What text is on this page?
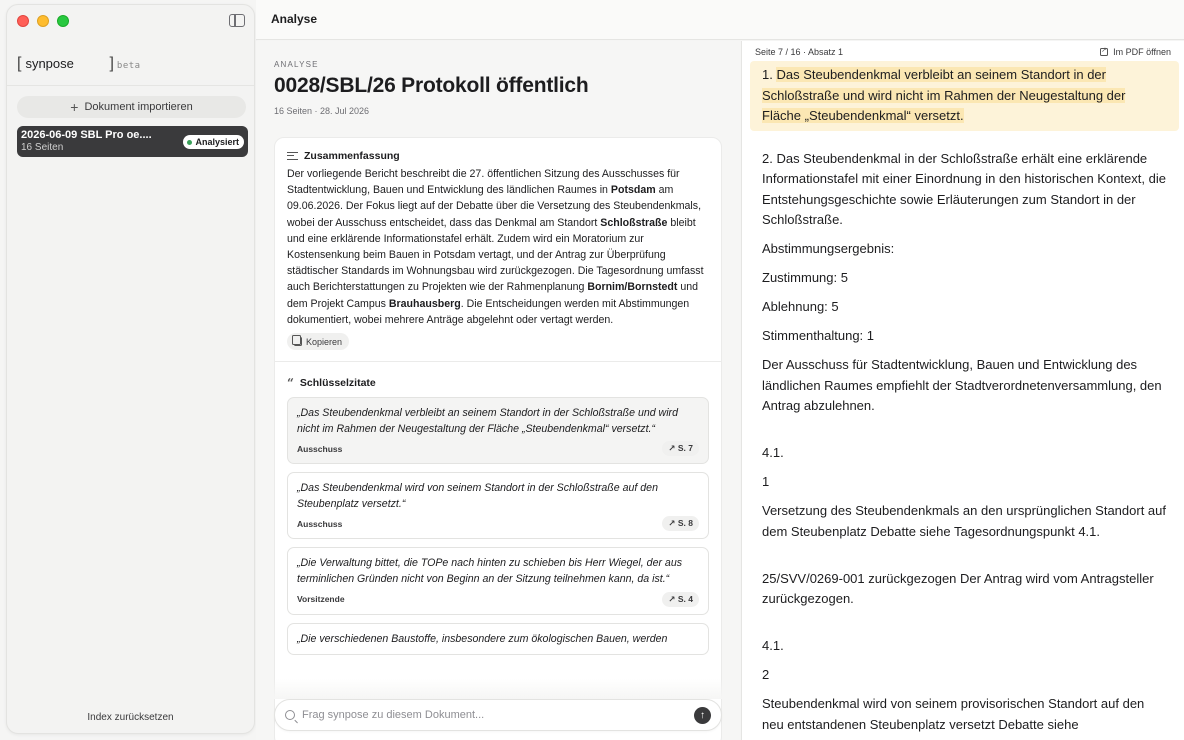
[ synpose	] beta
+ Dokument importieren
2026-06-09 SBL Pro oe....
16 Seiten	Analysiert
Index zurücksetzen
Analyse
ANALYSE
0028/SBL/26 Protokoll öffentlich
16 Seiten · 28. Jul 2026
Zusammenfassung
Der vorliegende Bericht beschreibt die 27. öffentlichen Sitzung des Ausschusses für Stadtentwicklung, Bauen und Entwicklung des ländlichen Raumes in Potsdam am 09.06.2026. Der Fokus liegt auf der Debatte über die Versetzung des Steubendenkmals, wobei der Ausschuss entscheidet, dass das Denkmal am Standort Schloßstraße bleibt und eine erklärende Informationstafel erhält. Zudem wird ein Moratorium zur Kostensenkung beim Bauen in Potsdam vertagt, und der Antrag zur Überprüfung städtischer Standards im Wohnungsbau wird zurückgezogen. Die Tagesordnung umfasst auch Berichterstattungen zu Projekten wie der Rahmenplanung Bornim/Bornstedt und dem Projekt Campus Brauhausberg. Die Entscheidungen werden mit Abstimmungen dokumentiert, wobei mehrere Anträge abgelehnt oder vertagt werden.
Kopieren
“ Schlüsselzitate
„Das Steubendenkmal verbleibt an seinem Standort in der Schloßstraße und wird nicht im Rahmen der Neugestaltung der Fläche „Steubendenkmal“ versetzt.“
Ausschuss	↗ S. 7
„Das Steubendenkmal wird von seinem Standort in der Schloßstraße auf den Steubenplatz versetzt.“
Ausschuss	↗ S. 8
„Die Verwaltung bittet, die TOPe nach hinten zu schieben bis Herr Wiegel, der aus terminlichen Gründen nicht von Beginn an der Sitzung teilnehmen kann, da ist.“
Vorsitzende	↗ S. 4
„Die verschiedenen Baustoffe, insbesondere zum ökologischen Bauen, werden
Frag synpose zu diesem Dokument...
↑
Seite 7 / 16 · Absatz 1
↗	Im PDF öffnen
1. Das Steubendenkmal verbleibt an seinem Standort in der Schloßstraße und wird nicht im Rahmen der Neugestaltung der Fläche „Steubendenkmal“ versetzt.
2. Das Steubendenkmal in der Schloßstraße erhält eine erklärende Informationstafel mit einer Einordnung in den historischen Kontext, die Entstehungsgeschichte sowie Erläuterungen zum Standort in der Schloßstraße.
Abstimmungsergebnis:
Zustimmung: 5
Ablehnung: 5
Stimmenthaltung: 1
Der Ausschuss für Stadtentwicklung, Bauen und Entwicklung des ländlichen Raumes empfiehlt der Stadtverordnetenversammlung, den Antrag abzulehnen.
4.1.
1
Versetzung des Steubendenkmals an den ursprünglichen Standort auf dem Steubenplatz Debatte siehe Tagesordnungspunkt 4.1.
25/SVV/0269-001 zurückgezogen Der Antrag wird vom Antragsteller zurückgezogen.
4.1.
2
Steubendenkmal wird von seinem provisorischen Standort auf den neu entstandenen Steubenplatz versetzt Debatte siehe
